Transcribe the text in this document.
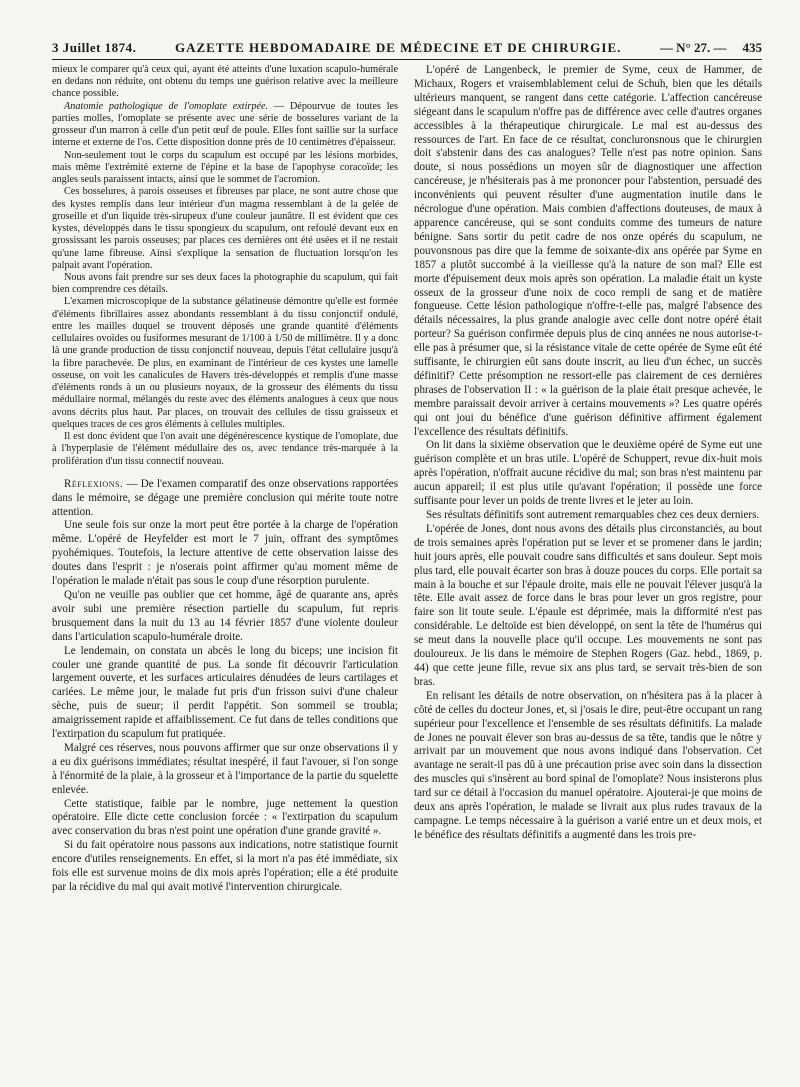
3 Juillet 1874.	GAZETTE HEBDOMADAIRE DE MÉDECINE ET DE CHIRURGIE.	— N° 27. — 435

mieux le comparer qu'à ceux qui, ayant été atteints d'une luxation scapulo-humérale en dedans non réduite, ont obtenu du temps une guérison relative avec la meilleure chance possible.

Anatomie pathologique de l'omoplate extirpée. — Dépourvue de toutes les parties molles, l'omoplate se présente avec une série de bosselures variant de la grosseur d'un marron à celle d'un petit œuf de poule. Elles font saillie sur la surface interne et externe de l'os. Cette disposition donne près de 10 centimètres d'épaisseur.

Non-seulement tout le corps du scapulum est occupé par les lésions morbides, mais même l'extrémité externe de l'épine et la base de l'apophyse coracoïde; les angles seuls paraissent intacts, ainsi que le sommet de l'acromion.

Ces bosselures, à parois osseuses et fibreuses par place, ne sont autre chose que des kystes remplis dans leur intérieur d'un magma ressemblant à de la gelée de groseille et d'un liquide très-sirupeux d'une couleur jaunâtre. Il est évident que ces kystes, développés dans le tissu spongieux du scapulum, ont refoulé devant eux en grossissant les parois osseuses; par places ces dernières ont été usées et il ne restait qu'une lame fibreuse. Ainsi s'explique la sensation de fluctuation lorsqu'on les palpait avant l'opération.

Nous avons fait prendre sur ses deux faces la photographie du scapulum, qui fait bien comprendre ces détails.

L'examen microscopique de la substance gélatineuse démontre qu'elle est formée d'éléments fibrillaires assez abondants ressemblant à du tissu conjonctif ondulé, entre les mailles duquel se trouvent déposés une grande quantité d'éléments cellulaires ovoïdes ou fusiformes mesurant de 1/100 à 1/50 de millimètre. Il y a donc là une grande production de tissu conjonctif nouveau, depuis l'état cellulaire jusqu'à la fibre parachevée. De plus, en examinant de l'intérieur de ces kystes une lamelle osseuse, on voit les canalicules de Havers très-développés et remplis d'une masse d'éléments ronds à un ou plusieurs noyaux, de la grosseur des éléments du tissu médullaire normal, mélangés du reste avec des éléments analogues à ceux que nous avons décrits plus haut. Par places, on trouvait des cellules de tissu graisseux et quelques traces de ces gros éléments à cellules multiples.

Il est donc évident que l'on avait une dégénérescence kystique de l'omoplate, due à l'hyperplasie de l'élément médullaire des os, avec tendance très-marquée à la prolifération d'un tissu connectif nouveau.

Réflexions. — De l'examen comparatif des onze observations rapportées dans le mémoire, se dégage une première conclusion qui mérite toute notre attention.

Une seule fois sur onze la mort peut être portée à la charge de l'opération même. L'opéré de Heyfelder est mort le 7 juin, offrant des symptômes pyohémiques. Toutefois, la lecture attentive de cette observation laisse des doutes dans l'esprit : je n'oserais point affirmer qu'au moment même de l'opération le malade n'était pas sous le coup d'une résorption purulente.

Qu'on ne veuille pas oublier que cet homme, âgé de quarante ans, après avoir subi une première résection partielle du scapulum, fut repris brusquement dans la nuit du 13 au 14 février 1857 d'une violente douleur dans l'articulation scapulo-humérale droite.

Le lendemain, on constata un abcès le long du biceps; une incision fit couler une grande quantité de pus. La sonde fit découvrir l'articulation largement ouverte, et les surfaces articulaires dénudées de leurs cartilages et cariées. Le même jour, le malade fut pris d'un frisson suivi d'une chaleur sèche, puis de sueur; il perdit l'appétit. Son sommeil se troubla; amaigrissement rapide et affaiblissement. Ce fut dans de telles conditions que l'extirpation du scapulum fut pratiquée.

Malgré ces réserves, nous pouvons affirmer que sur onze observations il y a eu dix guérisons immédiates; résultat inespéré, il faut l'avouer, si l'on songe à l'énormité de la plaie, à la grosseur et à l'importance de la partie du squelette enlevée.

Cette statistique, faible par le nombre, juge nettement la question opératoire. Elle dicte cette conclusion forcée : « l'extirpation du scapulum avec conservation du bras n'est point une opération d'une grande gravité ».

Si du fait opératoire nous passons aux indications, notre statistique fournit encore d'utiles renseignements. En effet, si la mort n'a pas été immédiate, six fois elle est survenue moins de dix mois après l'opération; elle a été produite par la récidive du mal qui avait motivé l'intervention chirurgicale.

L'opéré de Langenbeck, le premier de Syme, ceux de Hammer, de Michaux, Rogers et vraisemblablement celui de Schuh, bien que les détails ultérieurs manquent, se rangent dans cette catégorie. L'affection cancéreuse siégeant dans le scapulum n'offre pas de différence avec celle d'autres organes accessibles à la thérapeutique chirurgicale. Le mal est au-dessus des ressources de l'art. En face de ce résultat, concluronsnous que le chirurgien doit s'abstenir dans des cas analogues? Telle n'est pas notre opinion. Sans doute, si nous possédions un moyen sûr de diagnostiquer une affection cancéreuse, je n'hésiterais pas à me prononcer pour l'abstention, persuadé des inconvénients qui peuvent résulter d'une augmentation inutile dans le nécrologue d'une opération. Mais combien d'affections douteuses, de maux à apparence cancéreuse, qui se sont conduits comme des tumeurs de nature bénigne. Sans sortir du petit cadre de nos onze opérés du scapulum, ne pouvonsnous pas dire que la femme de soixante-dix ans opérée par Syme en 1857 a plutôt succombé à la vieillesse qu'à la nature de son mal? Elle est morte d'épuisement deux mois après son opération. La maladie était un kyste osseux de la grosseur d'une noix de coco rempli de sang et de matière fongueuse. Cette lésion pathologique n'offre-t-elle pas, malgré l'absence des détails nécessaires, la plus grande analogie avec celle dont notre opéré était porteur? Sa guérison confirmée depuis plus de cinq années ne nous autorise-t-elle pas à présumer que, si la résistance vitale de cette opérée de Syme eût été suffisante, le chirurgien eût sans doute inscrit, au lieu d'un échec, un succès définitif? Cette présomption ne ressort-elle pas clairement de ces dernières phrases de l'observation II : « la guérison de la plaie était presque achevée, le membre paraissait devoir arriver à certains mouvements »? Les quatre opérés qui ont joui du bénéfice d'une guérison définitive affirment également l'excellence des résultats définitifs.

On lit dans la sixième observation que le deuxième opéré de Syme eut une guérison complète et un bras utile. L'opéré de Schuppert, revue dix-huit mois après l'opération, n'offrait aucune récidive du mal; son bras n'est maintenu par aucun appareil; il est plus utile qu'avant l'opération; il possède une force suffisante pour lever un poids de trente livres et le jeter au loin.

Ses résultats définitifs sont autrement remarquables chez ces deux derniers.

L'opérée de Jones, dont nous avons des détails plus circonstanciés, au bout de trois semaines après l'opération put se lever et se promener dans le jardin; huit jours après, elle pouvait coudre sans difficultés et sans douleur. Sept mois plus tard, elle pouvait écarter son bras à douze pouces du corps. Elle portait sa main à la bouche et sur l'épaule droite, mais elle ne pouvait l'élever jusqu'à la tête. Elle avait assez de force dans le bras pour lever un gros registre, pour faire son lit toute seule. L'épaule est déprimée, mais la difformité n'est pas considérable. Le deltoïde est bien développé, on sent la tête de l'humérus qui se meut dans la nouvelle place qu'il occupe. Les mouvements ne sont pas douloureux. Je lis dans le mémoire de Stephen Rogers (Gaz. hebd., 1869, p. 44) que cette jeune fille, revue six ans plus tard, se servait très-bien de son bras.

En relisant les détails de notre observation, on n'hésitera pas à la placer à côté de celles du docteur Jones, et, si j'osais le dire, peut-être occupant un rang supérieur pour l'excellence et l'ensemble de ses résultats définitifs. La malade de Jones ne pouvait élever son bras au-dessus de sa tête, tandis que le nôtre y arrivait par un mouvement que nous avons indiqué dans l'observation. Cet avantage ne serait-il pas dû à une précaution prise avec soin dans la dissection des muscles qui s'insèrent au bord spinal de l'omoplate? Nous insisterons plus tard sur ce détail à l'occasion du manuel opératoire. Ajouterai-je que moins de deux ans après l'opération, le malade se livrait aux plus rudes travaux de la campagne. Le temps nécessaire à la guérison a varié entre un et deux mois, et le bénéfice des résultats définitifs a augmenté dans les trois pre-
